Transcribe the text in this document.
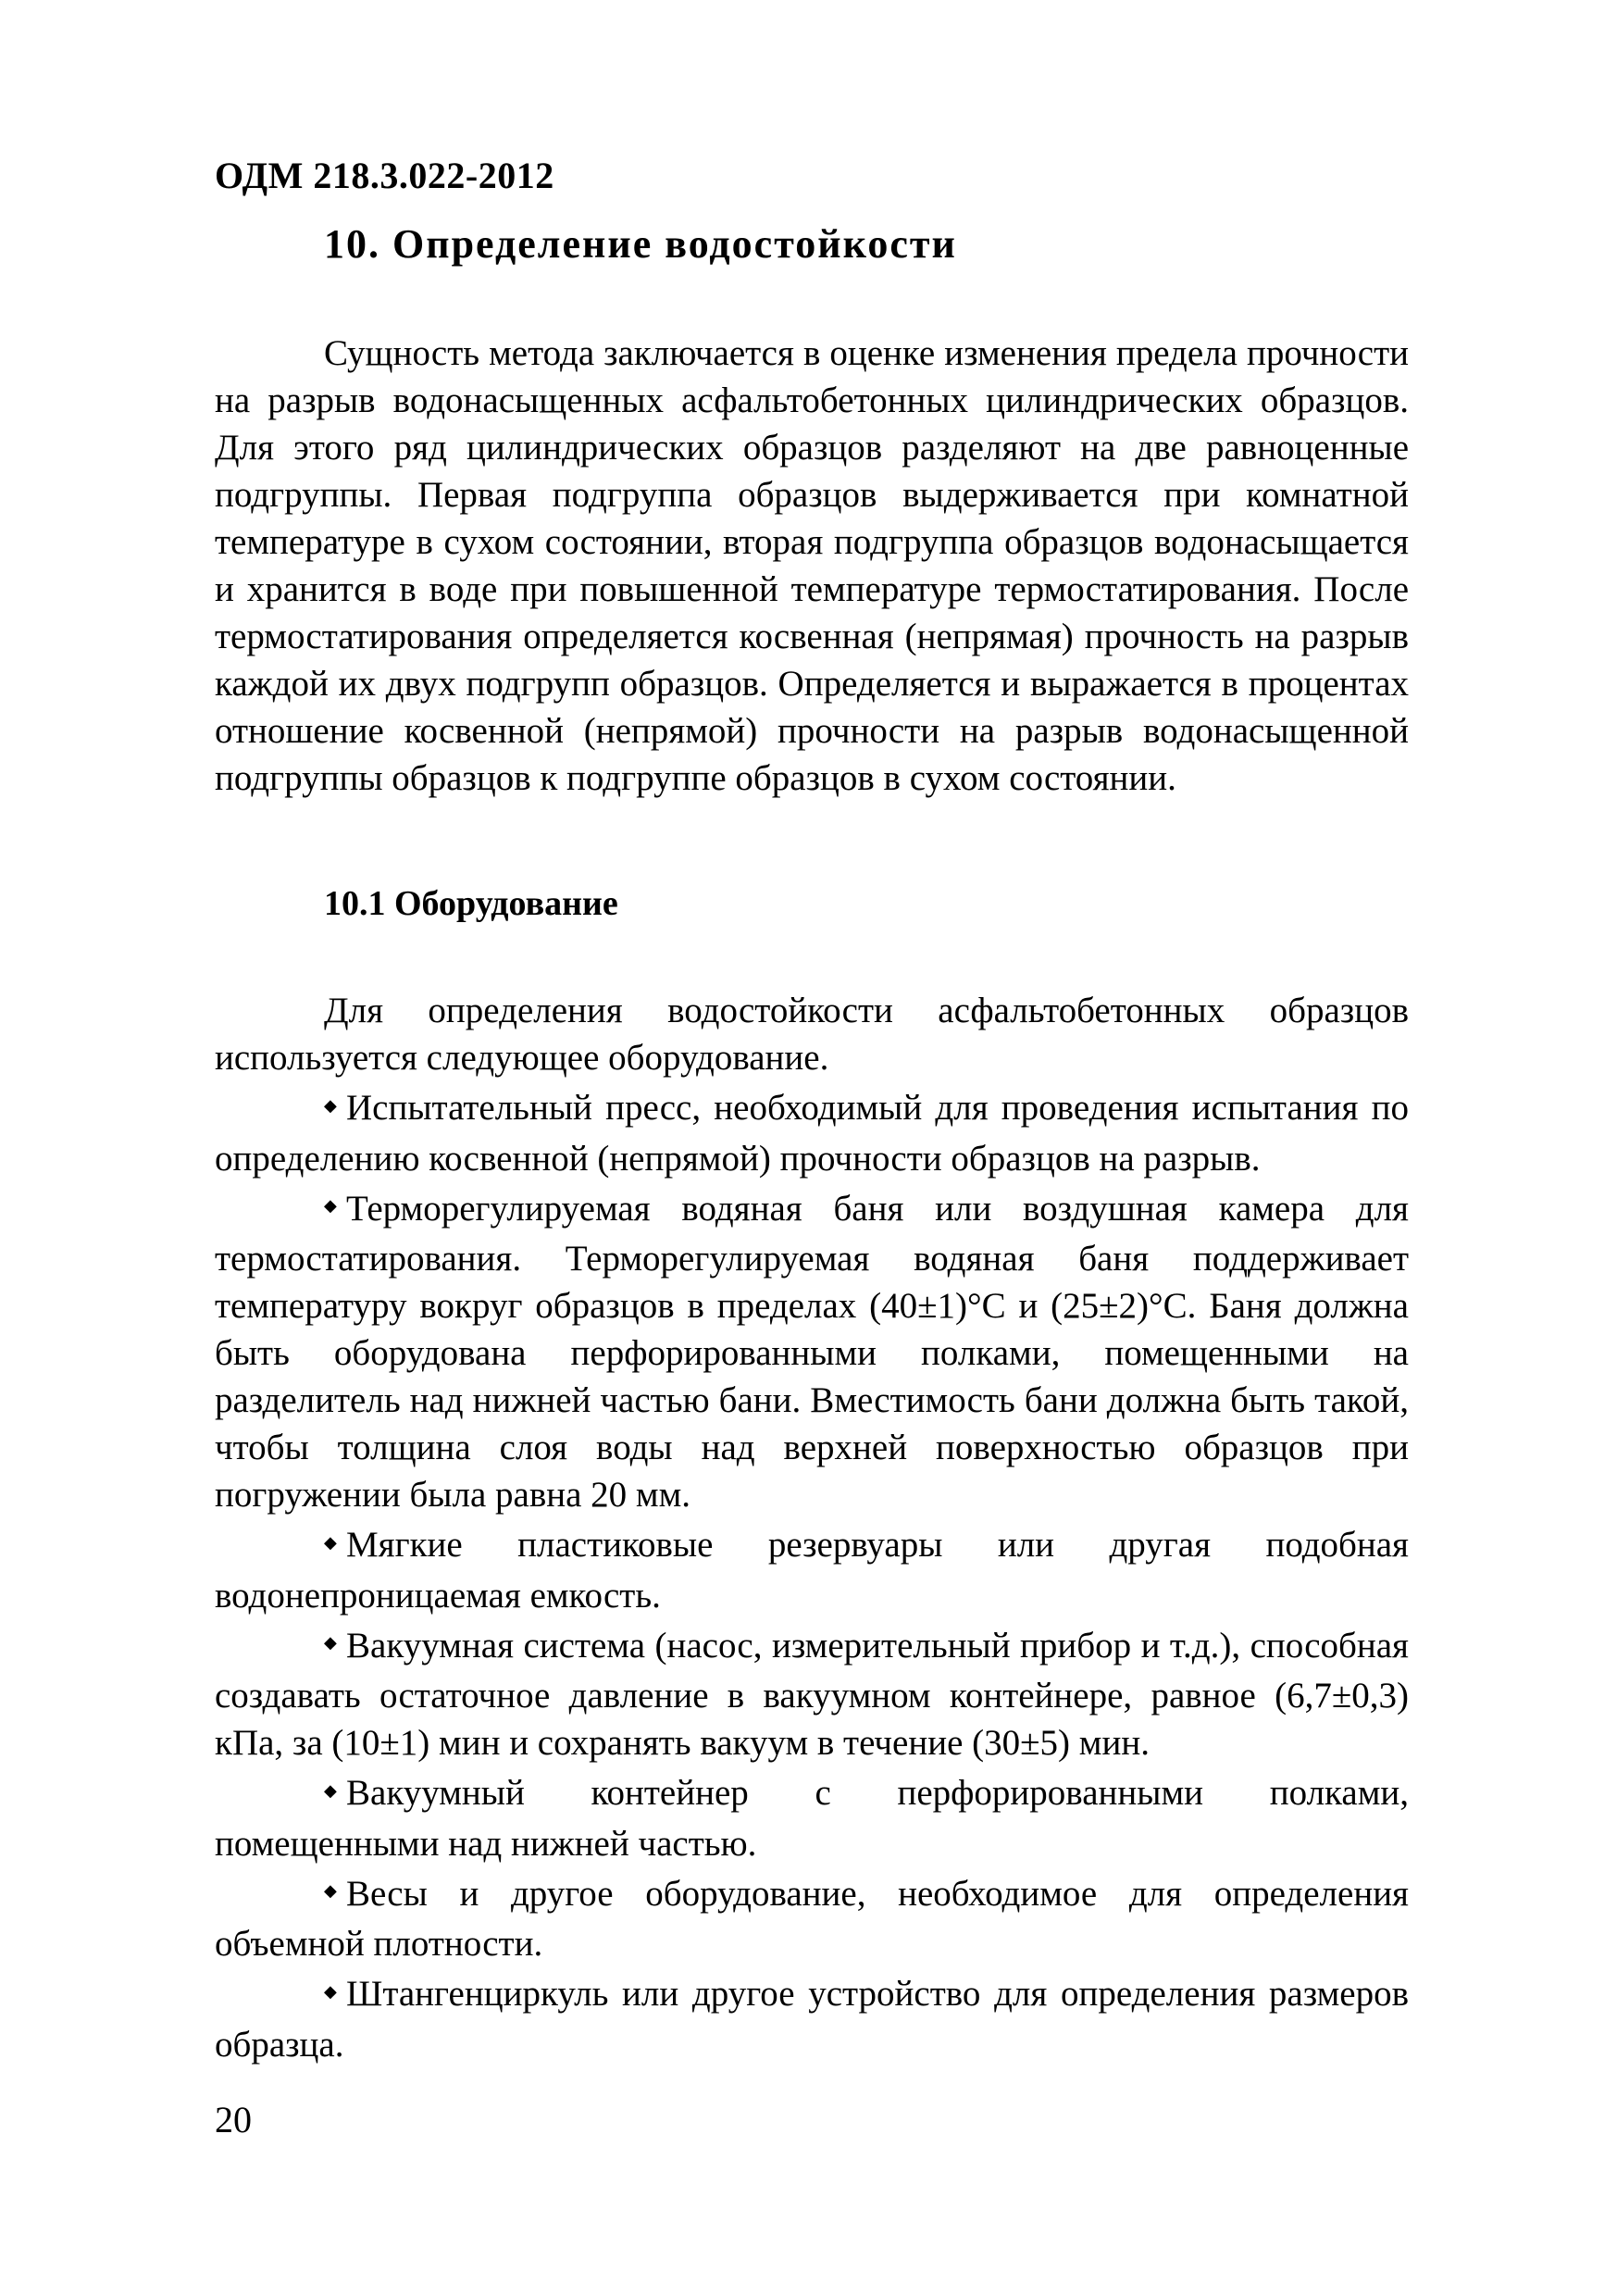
ОДМ 218.3.022-2012
10. Определение водостойкости

Сущность метода заключается в оценке изменения предела прочности на разрыв водонасыщенных асфальтобетонных цилиндрических образцов. Для этого ряд цилиндрических образцов разделяют на две равноценные подгруппы. Первая подгруппа образцов выдерживается при комнатной температуре в сухом состоянии, вторая подгруппа образцов водонасыщается и хранится в воде при повышенной температуре термостатирования. После термостатирования определяется косвенная (непрямая) прочность на разрыв каждой их двух подгрупп образцов. Определяется и выражается в процентах отношение косвенной (непрямой) прочности на разрыв водонасыщенной подгруппы образцов к подгруппе образцов в сухом состоянии.

10.1 Оборудование

Для определения водостойкости асфальтобетонных образцов используется следующее оборудование.

◆ Испытательный пресс, необходимый для проведения испытания по определению косвенной (непрямой) прочности образцов на разрыв.

◆ Терморегулируемая водяная баня или воздушная камера для термостатирования. Терморегулируемая водяная баня поддерживает температуру вокруг образцов в пределах (40±1)°С и (25±2)°С. Баня должна быть оборудована перфорированными полками, помещенными на разделитель над нижней частью бани. Вместимость бани должна быть такой, чтобы толщина слоя воды над верхней поверхностью образцов при погружении была равна 20 мм.

◆ Мягкие пластиковые резервуары или другая подобная водонепроницаемая емкость.

◆ Вакуумная система (насос, измерительный прибор и т.д.), способная создавать остаточное давление в вакуумном контейнере, равное (6,7±0,3) кПа, за (10±1) мин и сохранять вакуум в течение (30±5) мин.

◆ Вакуумный контейнер с перфорированными полками, помещенными над нижней частью.

◆ Весы и другое оборудование, необходимое для определения объемной плотности.

◆ Штангенциркуль или другое устройство для определения размеров образца.

20
